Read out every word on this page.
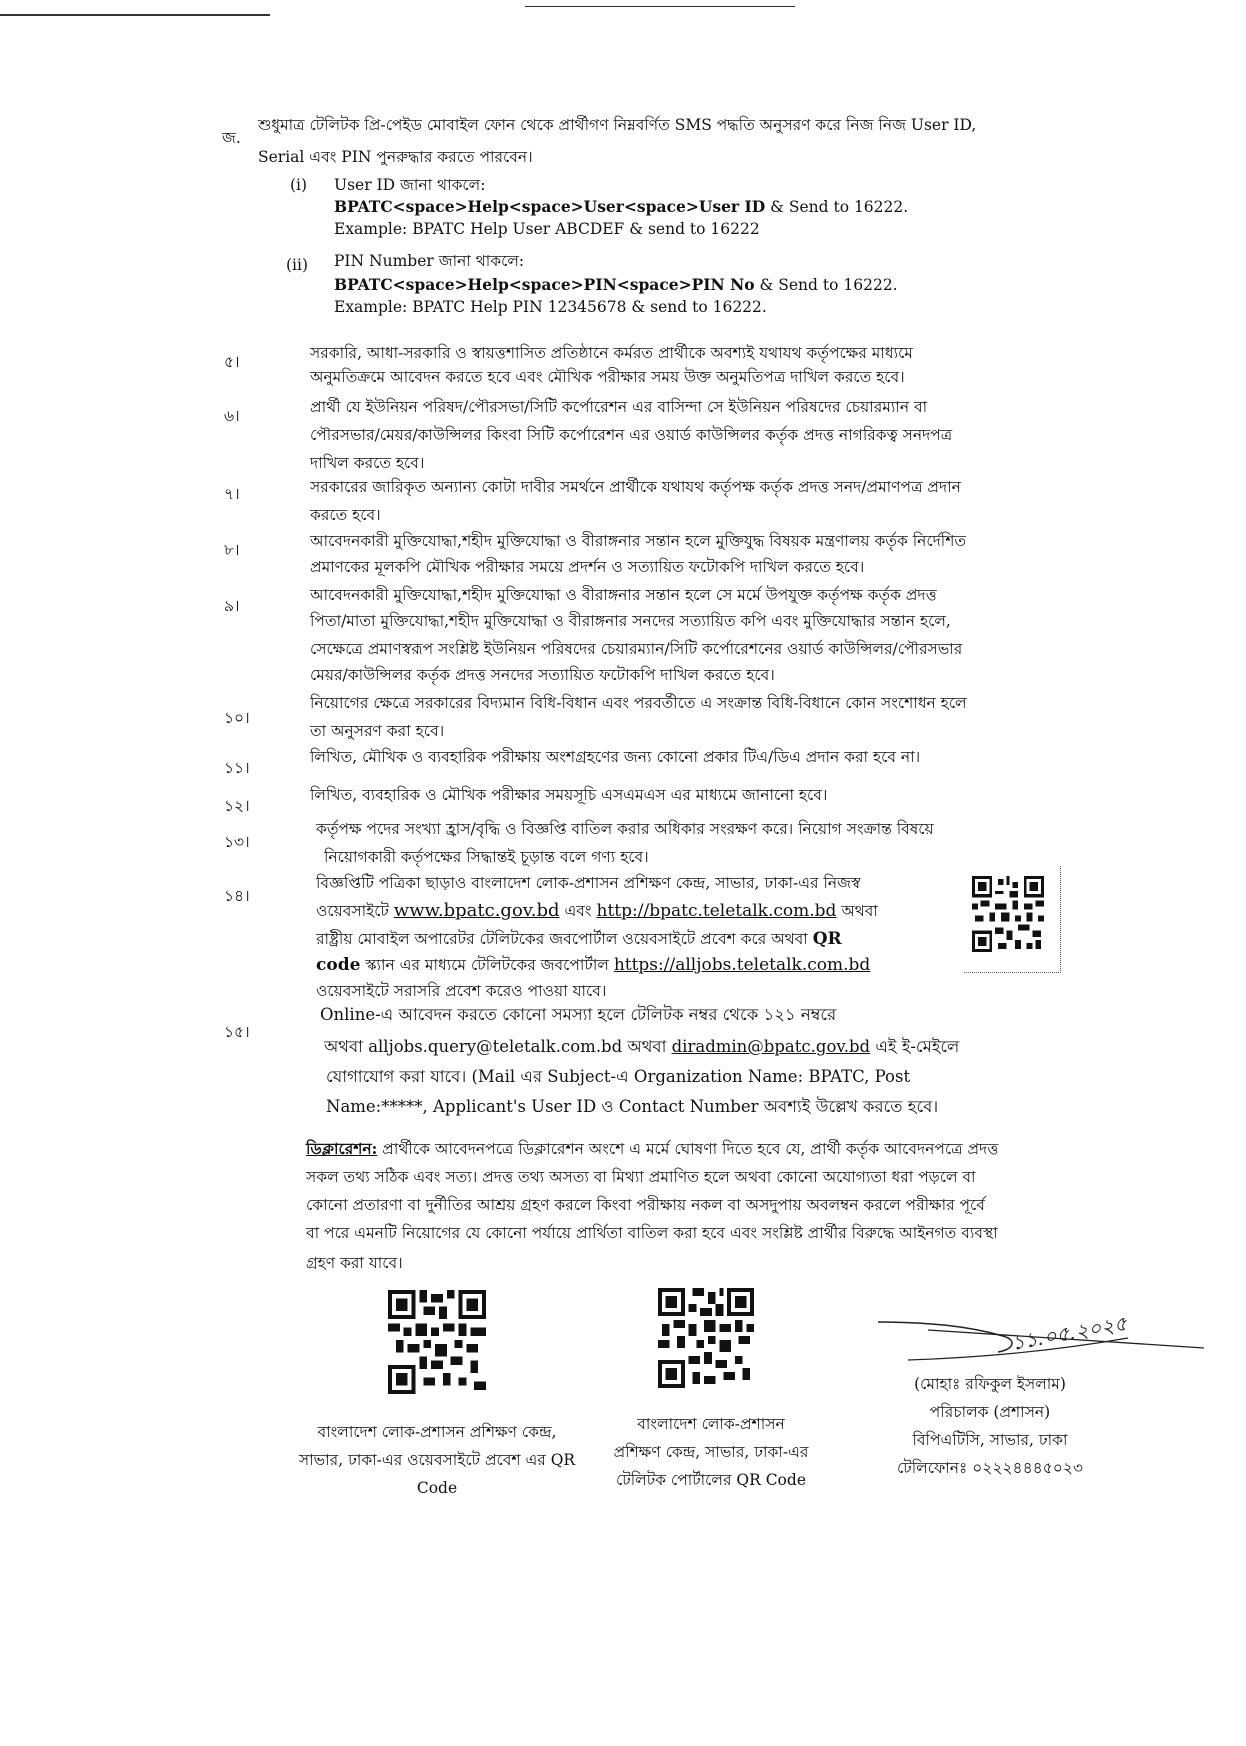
জ.
শুধুমাত্র টেলিটক প্রি-পেইড মোবাইল ফোন থেকে প্রার্থীগণ নিম্নবর্ণিত SMS পদ্ধতি অনুসরণ করে নিজ নিজ User ID,
Serial এবং PIN পুনরুদ্ধার করতে পারবেন।
(i) User ID জানা থাকলে:
BPATC<space>Help<space>User<space>User ID & Send to 16222.
Example: BPATC Help User ABCDEF & send to 16222
(ii) PIN Number জানা থাকলে:
BPATC<space>Help<space>PIN<space>PIN No & Send to 16222.
Example: BPATC Help PIN 12345678 & send to 16222.
৫।	সরকারি, আধা-সরকারি ও স্বায়ত্তশাসিত প্রতিষ্ঠানে কর্মরত প্রার্থীকে অবশ্যই যথাযথ কর্তৃপক্ষের মাধ্যমে
অনুমতিক্রমে আবেদন করতে হবে এবং মৌখিক পরীক্ষার সময় উক্ত অনুমতিপত্র দাখিল করতে হবে।
৬।	প্রার্থী যে ইউনিয়ন পরিষদ/পৌরসভা/সিটি কর্পোরেশন এর বাসিন্দা সে ইউনিয়ন পরিষদের চেয়ারম্যান বা
পৌরসভার/মেয়র/কাউন্সিলর কিংবা সিটি কর্পোরেশন এর ওয়ার্ড কাউন্সিলর কর্তৃক প্রদত্ত নাগরিকত্ব সনদপত্র
দাখিল করতে হবে।
৭।	সরকারের জারিকৃত অন্যান্য কোটা দাবীর সমর্থনে প্রার্থীকে যথাযথ কর্তৃপক্ষ কর্তৃক প্রদত্ত সনদ/প্রমাণপত্র প্রদান
করতে হবে।
৮।	আবেদনকারী মুক্তিযোদ্ধা,শহীদ মুক্তিযোদ্ধা ও বীরাঙ্গনার সন্তান হলে মুক্তিযুদ্ধ বিষয়ক মন্ত্রণালয় কর্তৃক নির্দেশিত
প্রমাণকের মূলকপি মৌখিক পরীক্ষার সময়ে প্রদর্শন ও সত্যায়িত ফটোকপি দাখিল করতে হবে।
৯।
আবেদনকারী মুক্তিযোদ্ধা,শহীদ মুক্তিযোদ্ধা ও বীরাঙ্গনার সন্তান হলে সে মর্মে উপযুক্ত কর্তৃপক্ষ কর্তৃক প্রদত্ত
পিতা/মাতা মুক্তিযোদ্ধা,শহীদ মুক্তিযোদ্ধা ও বীরাঙ্গনার সনদের সত্যায়িত কপি এবং মুক্তিযোদ্ধার সন্তান হলে,
সেক্ষেত্রে প্রমাণস্বরূপ সংশ্লিষ্ট ইউনিয়ন পরিষদের চেয়ারম্যান/সিটি কর্পোরেশনের ওয়ার্ড কাউন্সিলর/পৌরসভার
মেয়র/কাউন্সিলর কর্তৃক প্রদত্ত সনদের সত্যায়িত ফটোকপি দাখিল করতে হবে।
১০।
নিয়োগের ক্ষেত্রে সরকারের বিদ্যমান বিধি-বিধান এবং পরবর্তীতে এ সংক্রান্ত বিধি-বিধানে কোন সংশোধন হলে
তা অনুসরণ করা হবে।
১১।
লিখিত, মৌখিক ও ব্যবহারিক পরীক্ষায় অংশগ্রহণের জন্য কোনো প্রকার টিএ/ডিএ প্রদান করা হবে না।
১২।
লিখিত, ব্যবহারিক ও মৌখিক পরীক্ষার সময়সূচি এসএমএস এর মাধ্যমে জানানো হবে।
১৩।
কর্তৃপক্ষ পদের সংখ্যা হ্রাস/বৃদ্ধি ও বিজ্ঞপ্তি বাতিল করার অধিকার সংরক্ষণ করে। নিয়োগ সংক্রান্ত বিষয়ে
নিয়োগকারী কর্তৃপক্ষের সিদ্ধান্তই চূড়ান্ত বলে গণ্য হবে।
১৪।
বিজ্ঞপ্তিটি পত্রিকা ছাড়াও বাংলাদেশ লোক-প্রশাসন প্রশিক্ষণ কেন্দ্র, সাভার, ঢাকা-এর নিজস্ব
ওয়েবসাইটে www.bpatc.gov.bd এবং http://bpatc.teletalk.com.bd অথবা
রাষ্ট্রীয় মোবাইল অপারেটর টেলিটকের জবপোর্টাল ওয়েবসাইটে প্রবেশ করে অথবা QR
code স্ক্যান এর মাধ্যমে টেলিটকের জবপোর্টাল https://alljobs.teletalk.com.bd
ওয়েবসাইটে সরাসরি প্রবেশ করেও পাওয়া যাবে।
১৫।
Online-এ আবেদন করতে কোনো সমস্যা হলে টেলিটক নম্বর থেকে ১২১ নম্বরে
অথবা alljobs.query@teletalk.com.bd অথবা diradmin@bpatc.gov.bd এই ই-মেইলে
যোগাযোগ করা যাবে। (Mail এর Subject-এ Organization Name: BPATC, Post
Name:*****, Applicant's User ID ও Contact Number অবশ্যই উল্লেখ করতে হবে।
ডিক্লারেশন: প্রার্থীকে আবেদনপত্রে ডিক্লারেশন অংশে এ মর্মে ঘোষণা দিতে হবে যে, প্রার্থী কর্তৃক আবেদনপত্রে প্রদত্ত
সকল তথ্য সঠিক এবং সত্য। প্রদত্ত তথ্য অসত্য বা মিথ্যা প্রমাণিত হলে অথবা কোনো অযোগ্যতা ধরা পড়লে বা
কোনো প্রতারণা বা দুর্নীতির আশ্রয় গ্রহণ করলে কিংবা পরীক্ষায় নকল বা অসদুপায় অবলম্বন করলে পরীক্ষার পূর্বে
বা পরে এমনটি নিয়োগের যে কোনো পর্যায়ে প্রার্থিতা বাতিল করা হবে এবং সংশ্লিষ্ট প্রার্থীর বিরুদ্ধে আইনগত ব্যবস্থা
গ্রহণ করা যাবে।
বাংলাদেশ লোক-প্রশাসন প্রশিক্ষণ কেন্দ্র,
সাভার, ঢাকা-এর ওয়েবসাইটে প্রবেশ এর QR
Code
বাংলাদেশ লোক-প্রশাসন
প্রশিক্ষণ কেন্দ্র, সাভার, ঢাকা-এর
টেলিটক পোর্টালের QR Code
১১.০৫.২০২৫
(মোহাঃ রফিকুল ইসলাম)
পরিচালক (প্রশাসন)
বিপিএটিসি, সাভার, ঢাকা
টেলিফোনঃ ০২২২৪৪৪৫০২৩
